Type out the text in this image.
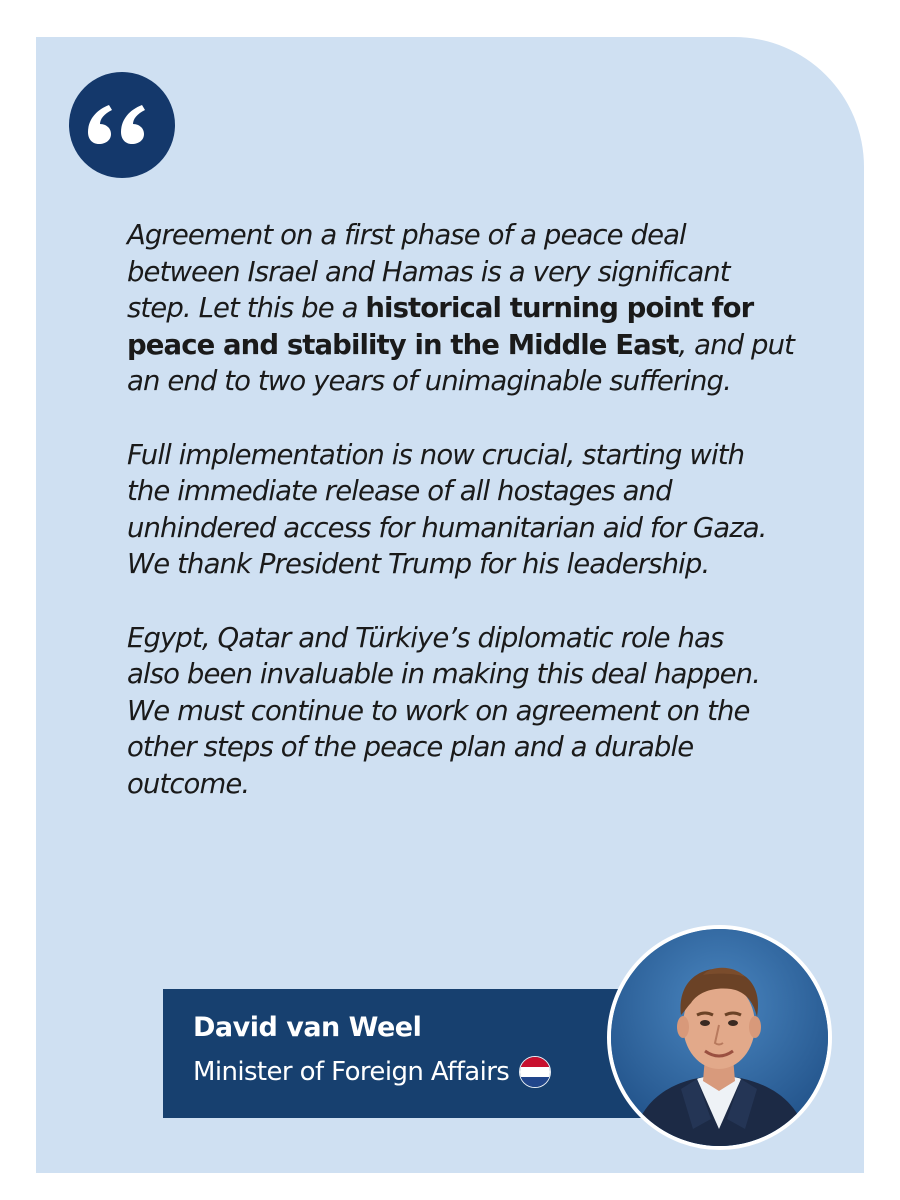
Agreement on a first phase of a peace deal
between Israel and Hamas is a very significant
step. Let this be a historical turning point for
peace and stability in the Middle East, and put
an end to two years of unimaginable suffering.

Full implementation is now crucial, starting with
the immediate release of all hostages and
unhindered access for humanitarian aid for Gaza.
We thank President Trump for his leadership.

Egypt, Qatar and Türkiye’s diplomatic role has
also been invaluable in making this deal happen.
We must continue to work on agreement on the
other steps of the peace plan and a durable
outcome.

David van Weel
Minister of Foreign Affairs
